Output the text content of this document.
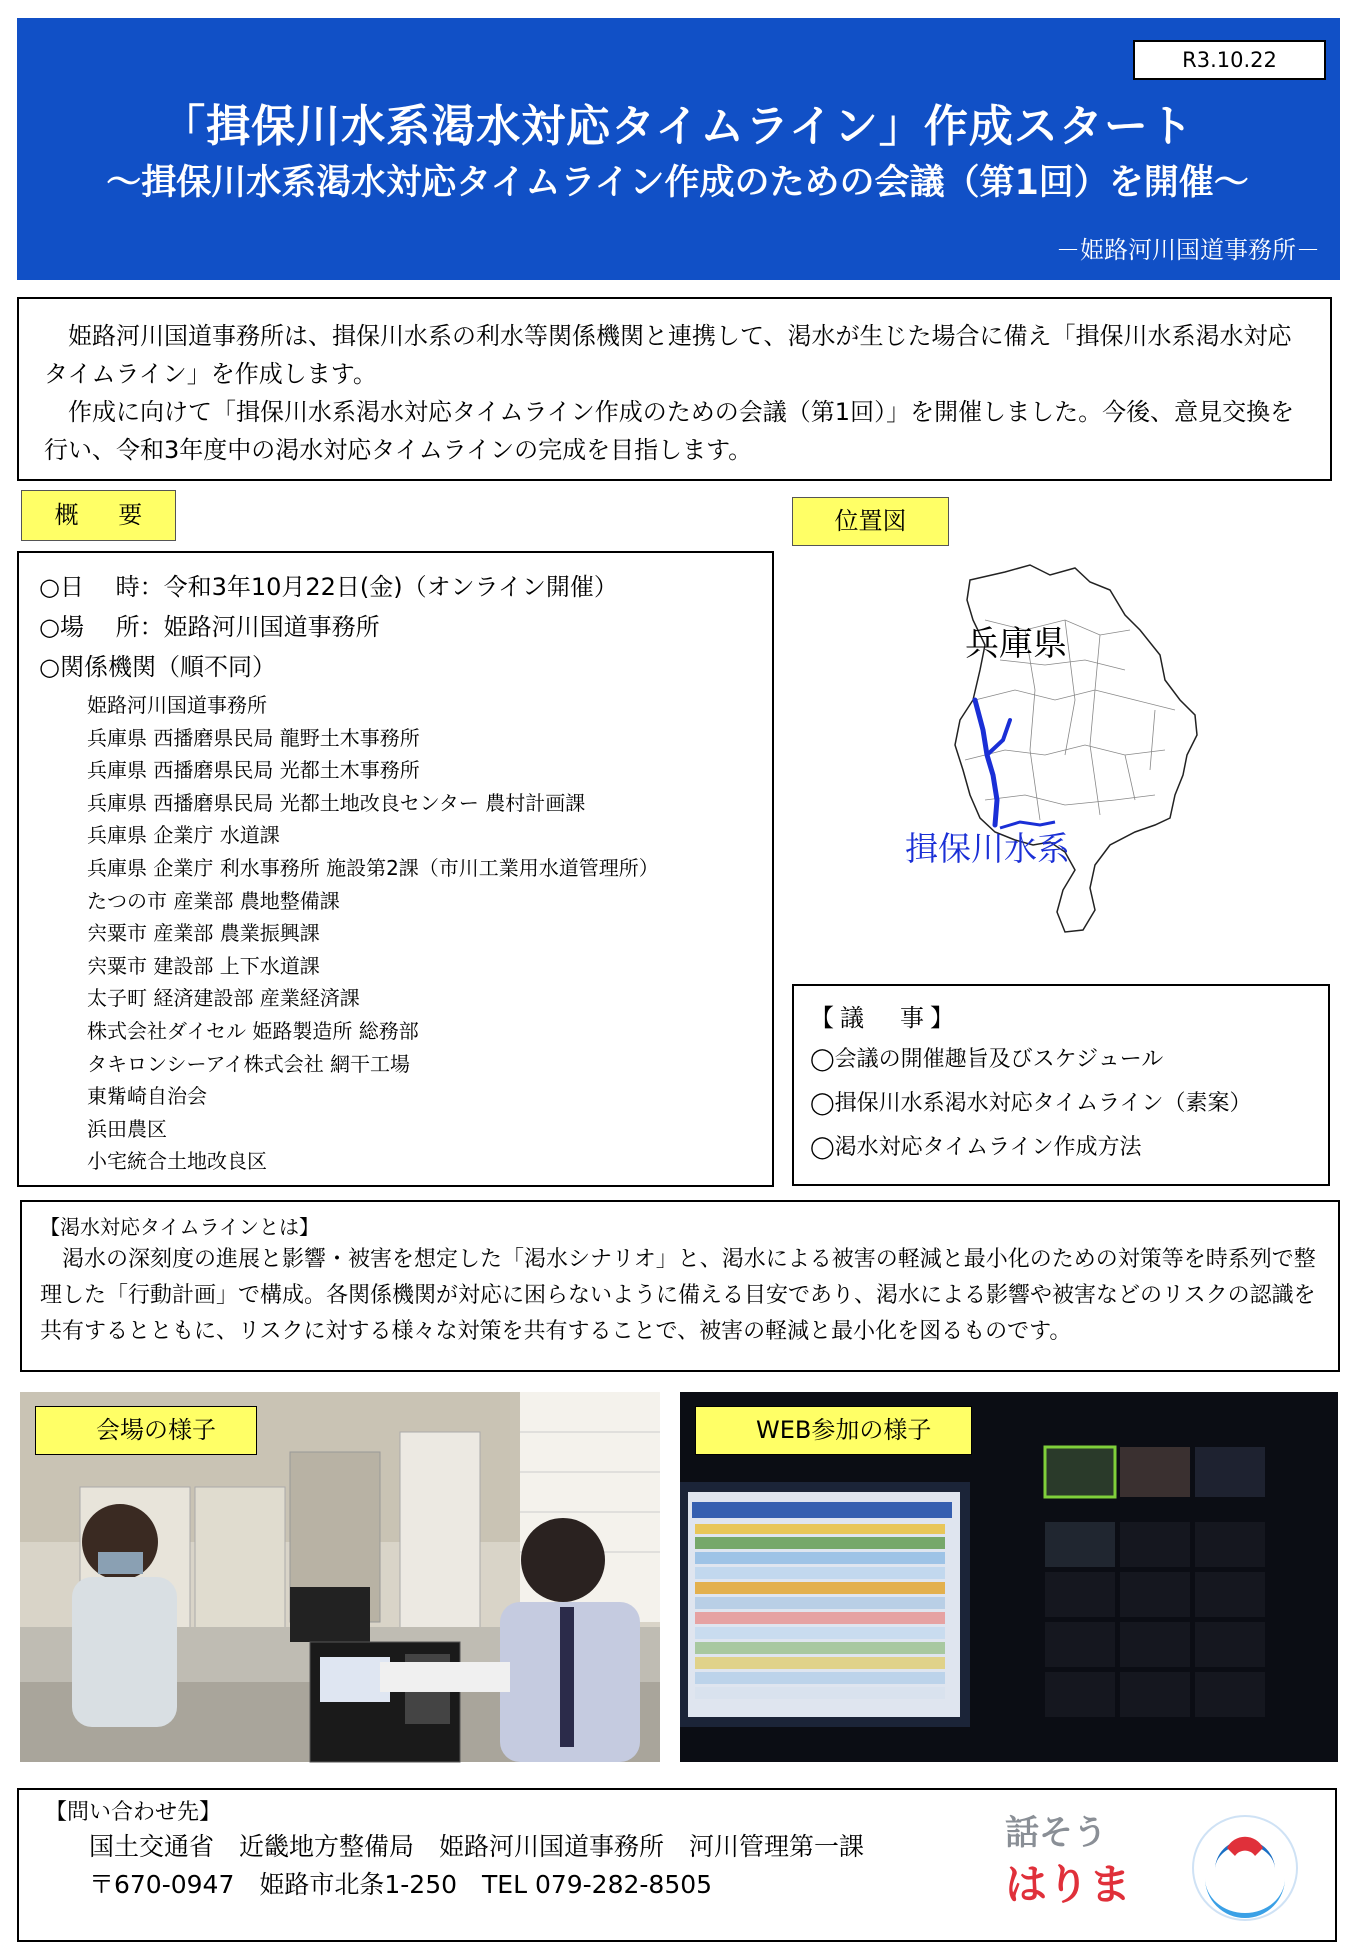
R3.10.22
「揖保川水系渇水対応タイムライン」作成スタート
～揖保川水系渇水対応タイムライン作成のための会議（第1回）を開催～
－姫路河川国道事務所－

姫路河川国道事務所は、揖保川水系の利水等関係機関と連携して、渇水が生じた場合に備え「揖保川水系渇水対応タイムライン」を作成します。

作成に向けて「揖保川水系渇水対応タイムライン作成のための会議（第1回）」を開催しました。今後、意見交換を行い、令和3年度中の渇水対応タイムラインの完成を目指します。

概 要	位置図
○日　 時：令和3年10月22日(金)（オンライン開催）
○場　 所：姫路河川国道事務所
○関係機関（順不同）
姫路河川国道事務所
兵庫県 西播磨県民局 龍野土木事務所
兵庫県 西播磨県民局 光都土木事務所
兵庫県 西播磨県民局 光都土地改良センター 農村計画課
兵庫県 企業庁 水道課
兵庫県 企業庁 利水事務所 施設第2課（市川工業用水道管理所）
たつの市 産業部 農地整備課
宍粟市 産業部 農業振興課
宍粟市 建設部 上下水道課
太子町 経済建設部 産業経済課
株式会社ダイセル 姫路製造所 総務部
タキロンシーアイ株式会社 網干工場
東觜崎自治会
浜田農区
小宅統合土地改良区
兵庫県
揖保川水系
【議　事】
◯会議の開催趣旨及びスケジュール
◯揖保川水系渇水対応タイムライン（素案）
◯渇水対応タイムライン作成方法
【渇水対応タイムラインとは】

渇水の深刻度の進展と影響・被害を想定した「渇水シナリオ」と、渇水による被害の軽減と最小化のための対策等を時系列で整理した「行動計画」で構成。各関係機関が対応に困らないように備える目安であり、渇水による影響や被害などのリスクの認識を共有するとともに、リスクに対する様々な対策を共有することで、被害の軽減と最小化を図るものです。

会場の様子	WEB参加の様子
【問い合わせ先】
国土交通省　近畿地方整備局　姫路河川国道事務所　河川管理第一課
〒670-0947　姫路市北条1-250　TEL 079-282-8505
話そう
はりま
